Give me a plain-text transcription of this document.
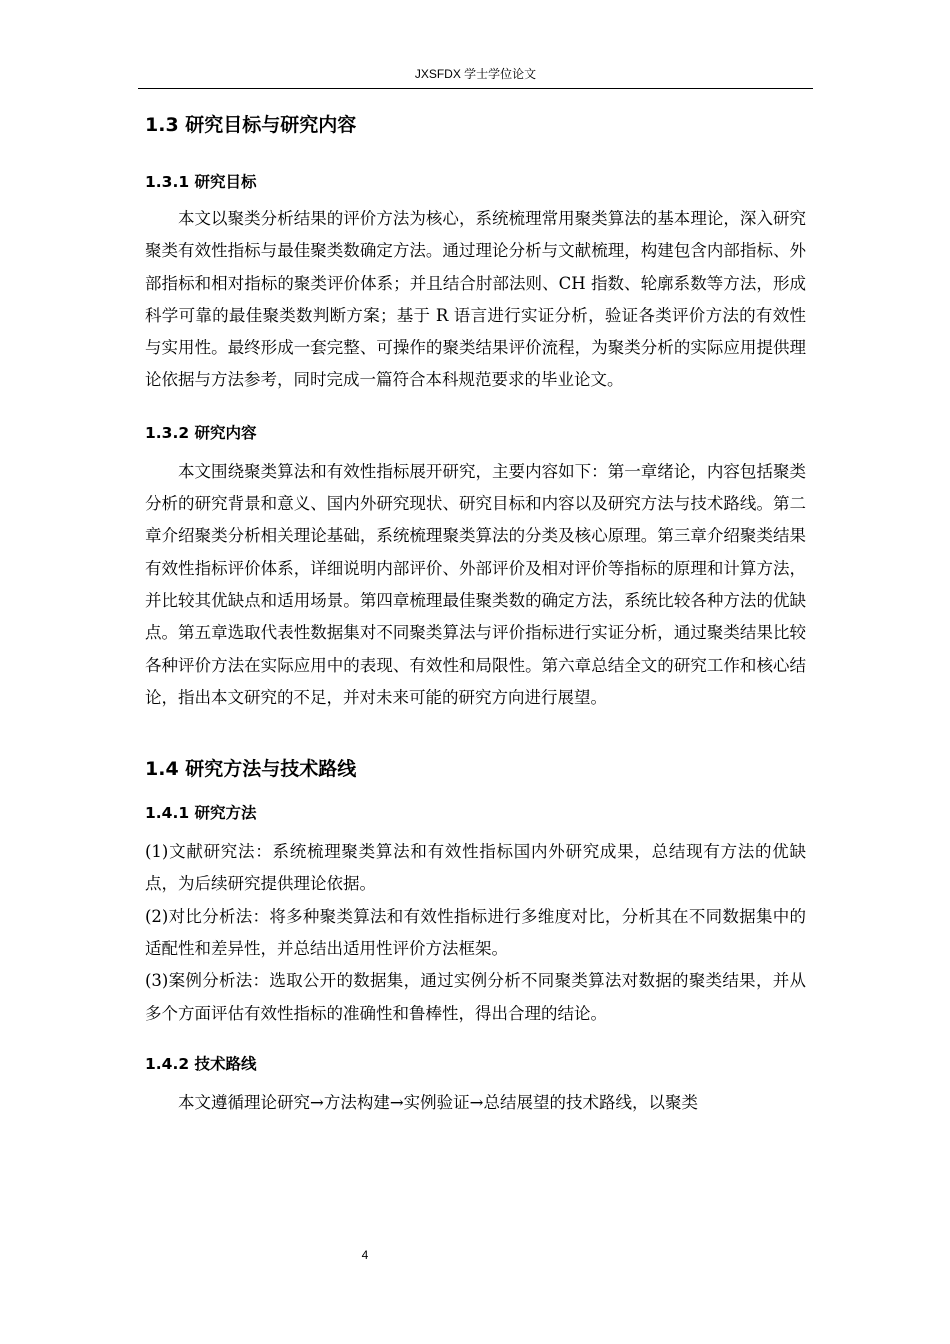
JXSFDX 学士学位论文
1.3 研究目标与研究内容
1.3.1 研究目标

本文以聚类分析结果的评价方法为核心，系统梳理常用聚类算法的基本理论，深入研究聚类有效性指标与最佳聚类数确定方法。通过理论分析与文献梳理，构建包含内部指标、外部指标和相对指标的聚类评价体系；并且结合肘部法则、CH 指数、轮廓系数等方法，形成科学可靠的最佳聚类数判断方案；基于 R 语言进行实证分析，验证各类评价方法的有效性与实用性。最终形成一套完整、可操作的聚类结果评价流程，为聚类分析的实际应用提供理论依据与方法参考，同时完成一篇符合本科规范要求的毕业论文。

1.3.2 研究内容

本文围绕聚类算法和有效性指标展开研究，主要内容如下：第一章绪论，内容包括聚类分析的研究背景和意义、国内外研究现状、研究目标和内容以及研究方法与技术路线。第二章介绍聚类分析相关理论基础，系统梳理聚类算法的分类及核心原理。第三章介绍聚类结果有效性指标评价体系，详细说明内部评价、外部评价及相对评价等指标的原理和计算方法，并比较其优缺点和适用场景。第四章梳理最佳聚类数的确定方法，系统比较各种方法的优缺点。第五章选取代表性数据集对不同聚类算法与评价指标进行实证分析，通过聚类结果比较各种评价方法在实际应用中的表现、有效性和局限性。第六章总结全文的研究工作和核心结论，指出本文研究的不足，并对未来可能的研究方向进行展望。

1.4 研究方法与技术路线
1.4.1 研究方法

(1)文献研究法：系统梳理聚类算法和有效性指标国内外研究成果，总结现有方法的优缺点，为后续研究提供理论依据。

(2)对比分析法：将多种聚类算法和有效性指标进行多维度对比，分析其在不同数据集中的适配性和差异性，并总结出适用性评价方法框架。

(3)案例分析法：选取公开的数据集，通过实例分析不同聚类算法对数据的聚类结果，并从多个方面评估有效性指标的准确性和鲁棒性，得出合理的结论。

1.4.2 技术路线

本文遵循理论研究→方法构建→实例验证→总结展望的技术路线，以聚类

4
